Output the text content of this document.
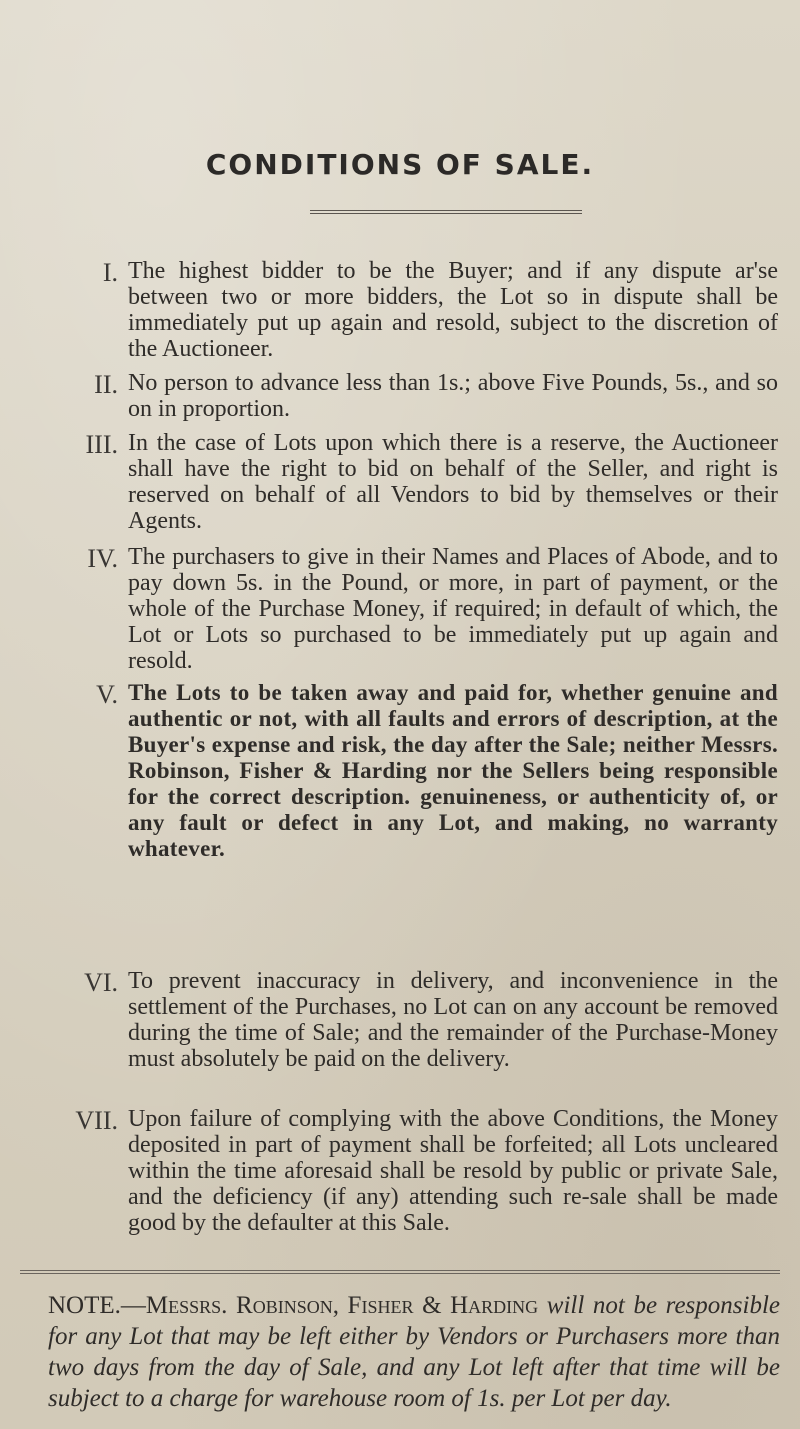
CONDITIONS OF SALE.
I. The highest bidder to be the Buyer; and if any dispute ar'se between two or more bidders, the Lot so in dispute shall be immediately put up again and resold, subject to the discretion of the Auctioneer.

II. No person to advance less than 1s.; above Five Pounds, 5s., and so on in proportion.

III. In the case of Lots upon which there is a reserve, the Auctioneer shall have the right to bid on behalf of the Seller, and right is reserved on behalf of all Vendors to bid by themselves or their Agents.

IV. The purchasers to give in their Names and Places of Abode, and to pay down 5s. in the Pound, or more, in part of payment, or the whole of the Purchase Money, if required; in default of which, the Lot or Lots so purchased to be immediately put up again and resold.

V. The Lots to be taken away and paid for, whether genuine and authentic or not, with all faults and errors of description, at the Buyer's expense and risk, the day after the Sale; neither Messrs. Robinson, Fisher & Harding nor the Sellers being responsible for the correct description. genuineness, or authenticity of, or any fault or defect in any Lot, and making, no warranty whatever.

VI. To prevent inaccuracy in delivery, and inconvenience in the settlement of the Purchases, no Lot can on any account be removed during the time of Sale; and the remainder of the Purchase-Money must absolutely be paid on the delivery.

VII. Upon failure of complying with the above Conditions, the Money deposited in part of payment shall be forfeited; all Lots uncleared within the time aforesaid shall be resold by public or private Sale, and the deficiency (if any) attending such re-sale shall be made good by the defaulter at this Sale.

NOTE.—Messrs. Robinson, Fisher & Harding will not be responsible for any Lot that may be left either by Vendors or Purchasers more than two days from the day of Sale, and any Lot left after that time will be subject to a charge for warehouse room of 1s. per Lot per day.
